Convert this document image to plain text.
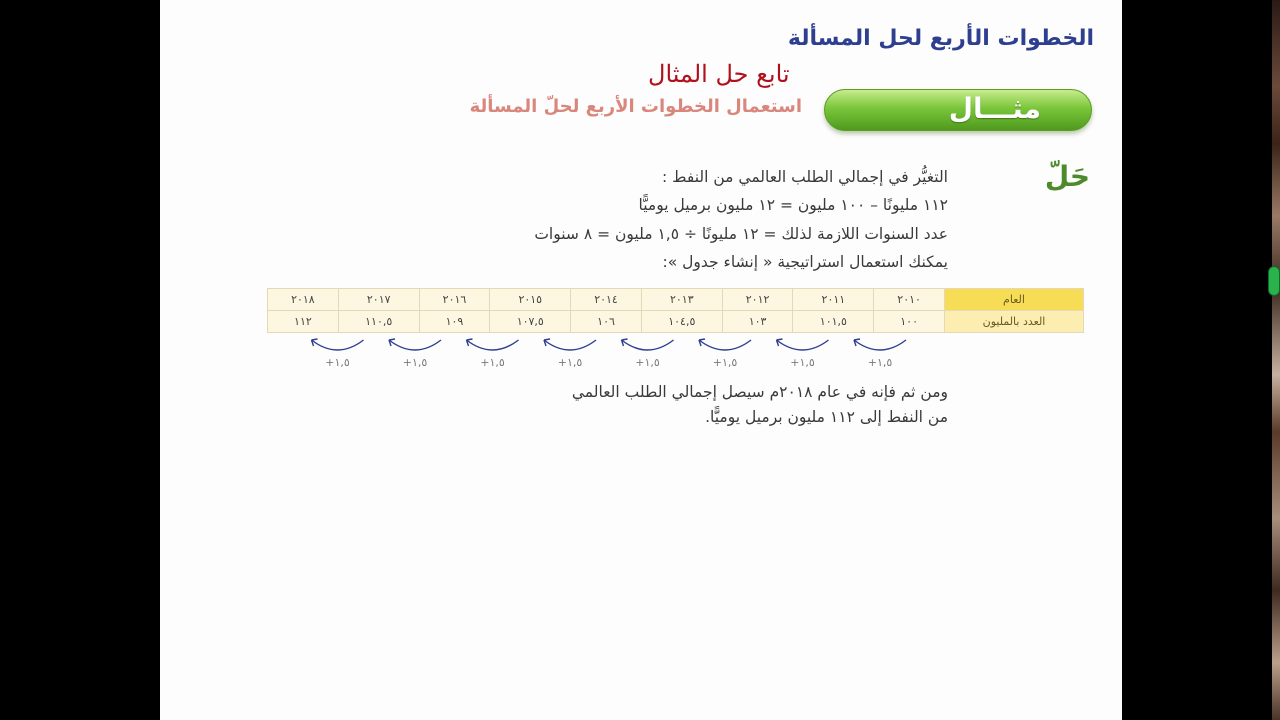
الخطوات الأربع لحل المسألة
تابع حل المثال
مثـــال
استعمال الخطوات الأربع لحلّ المسألة
حَلّ
التغيُّر في إجمالي الطلب العالمي من النفط :
١١٢ مليونًا – ١٠٠ مليون = ١٢ مليون برميل يوميًّا
عدد السنوات اللازمة لذلك = ١٢ مليونًا ÷ ١,٥ مليون = ٨ سنوات
يمكنك استعمال استراتيجية « إنشاء جدول »:
العام	٢٠١٠	٢٠١١	٢٠١٢	٢٠١٣	٢٠١٤	٢٠١٥	٢٠١٦	٢٠١٧	٢٠١٨
العدد بالمليون	١٠٠	١٠١,٥	١٠٣	١٠٤,٥	١٠٦	١٠٧,٥	١٠٩	١١٠,٥	١١٢
+١,٥
+١,٥
+١,٥
+١,٥
+١,٥
+١,٥
+١,٥
+١,٥
ومن ثم فإنه في عام ٢٠١٨م سيصل إجمالي الطلب العالمي
من النفط إلى ١١٢ مليون برميل يوميًّا.
